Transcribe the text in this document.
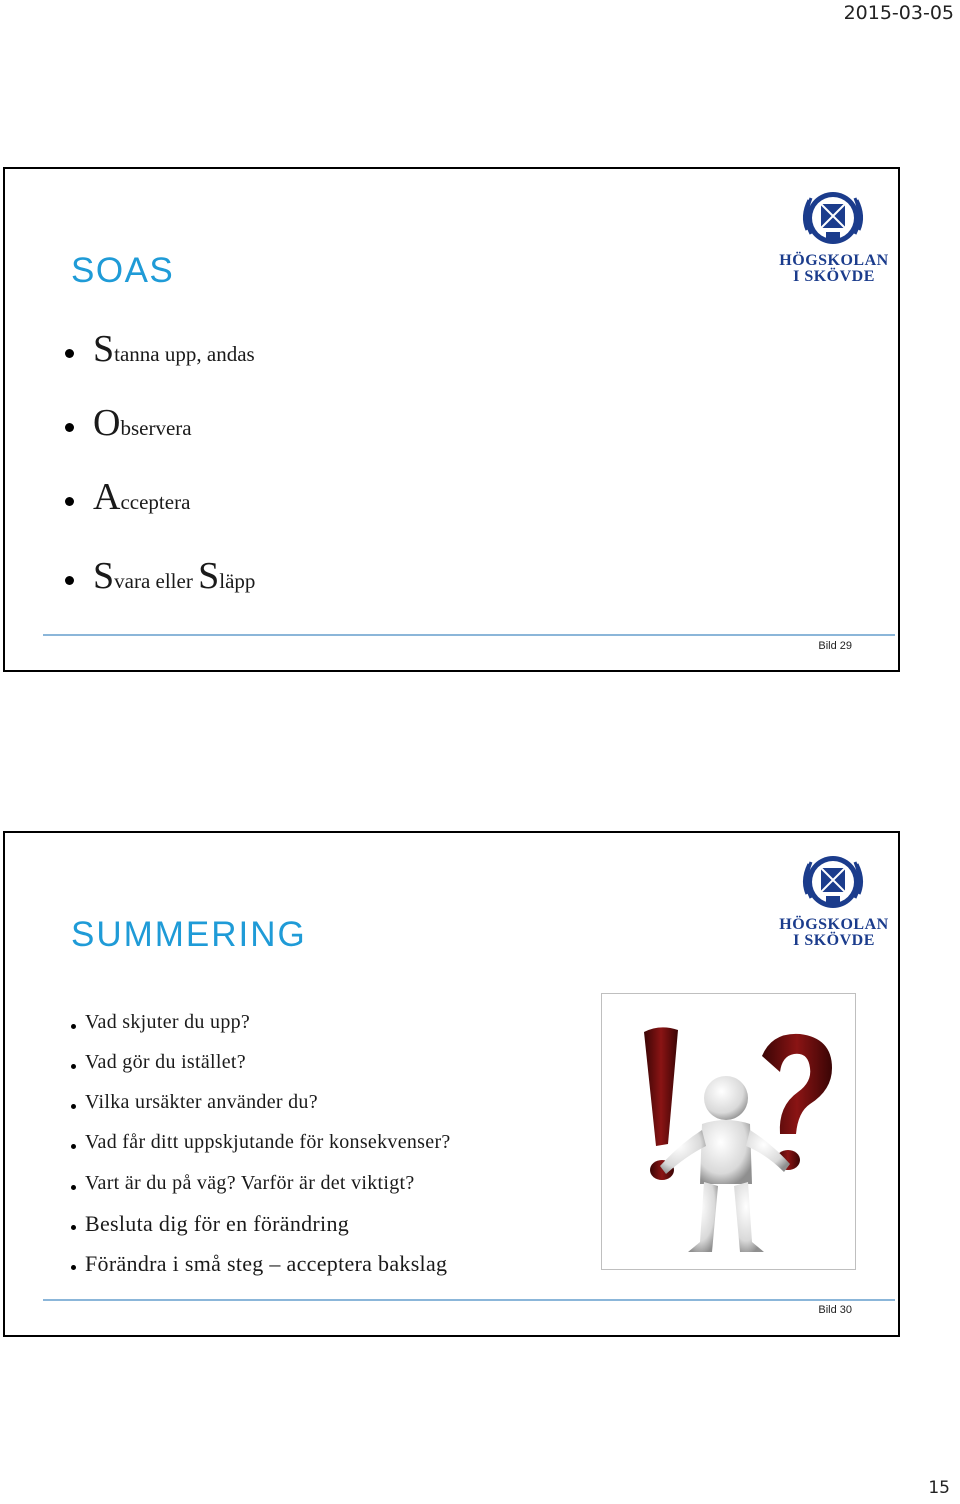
2015-03-05
SOAS	HÖGSKOLAN
I SKÖVDE
Stanna upp, andas
Observera
Acceptera
Svara eller Släpp
Bild 29
SUMMERING	HÖGSKOLAN
I SKÖVDE
Vad skjuter du upp?
Vad gör du istället?
Vilka ursäkter använder du?
Vad får ditt uppskjutande för konsekvenser?
Vart är du på väg? Varför är det viktigt?
Besluta dig för en förändring
Förändra i små steg – acceptera bakslag
Bild 30
15
